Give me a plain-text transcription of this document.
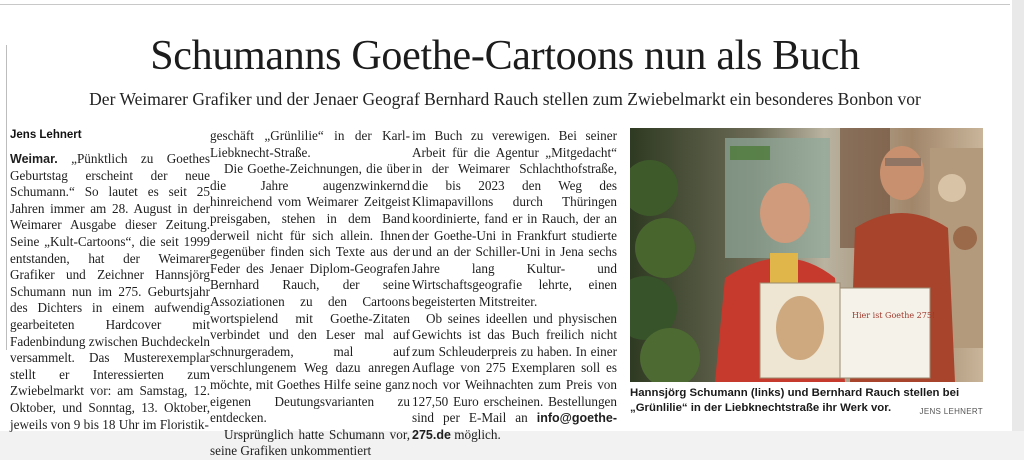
Schumanns Goethe-Cartoons nun als Buch
Der Weimarer Grafiker und der Jenaer Geograf Bernhard Rauch stellen zum Zwiebelmarkt ein besonderes Bonbon vor
Jens Lehnert

Weimar. „Pünktlich zu Goethes Geburtstag erscheint der neue Schumann.“ So lautet es seit 25 Jahren immer am 28. August in der Weimarer Ausgabe dieser Zeitung. Seine „Kult-Cartoons“, die seit 1999 entstanden, hat der Weimarer Grafiker und Zeichner Hannsjörg Schumann nun im 275. Geburtsjahr des Dichters in einem aufwendig gearbeiteten Hardcover mit Fadenbindung zwischen Buchdeckeln versammelt. Das Musterexemplar stellt er Interessierten zum Zwiebelmarkt vor: am Samstag, 12. Oktober, und Sonntag, 13. Oktober, jeweils von 9 bis 18 Uhr im Floristik-

geschäft „Grünlilie“ in der Karl-Liebknecht-Straße.

Die Goethe-Zeichnungen, die über die Jahre augenzwinkernd hinreichend vom Weimarer Zeitgeist preisgaben, stehen in dem Band derweil nicht für sich allein. Ihnen gegenüber finden sich Texte aus der Feder des Jenaer Diplom-Geografen Bernhard Rauch, der seine Assoziationen zu den Cartoons wortspielend mit Goethe-Zitaten verbindet und den Leser mal auf schnurgeradem, mal auf verschlungenem Weg dazu anregen möchte, mit Goethes Hilfe seine ganz eigenen Deutungsvarianten zu entdecken.

Ursprünglich hatte Schumann vor, seine Grafiken unkommentiert

im Buch zu verewigen. Bei seiner Arbeit für die Agentur „Mitgedacht“ in der Weimarer Schlachthofstraße, die bis 2023 den Weg des Klimapavillons durch Thüringen koordinierte, fand er in Rauch, der an der Goethe-Uni in Frankfurt studierte und an der Schiller-Uni in Jena sechs Jahre lang Kultur- und Wirtschaftsgeografie lehrte, einen begeisterten Mitstreiter.

Ob seines ideellen und physischen Gewichts ist das Buch freilich nicht zum Schleuderpreis zu haben. In einer Auflage von 275 Exemplaren soll es noch vor Weihnachten zum Preis von 127,50 Euro erscheinen. Bestellungen sind per E-Mail an info@goethe-275.de möglich.

Hier ist Goethe 275!
Hannsjörg Schumann (links) und Bernhard Rauch stellen bei „Grünlilie“ in der Liebknechtstraße ihr Werk vor.	JENS LEHNERT
